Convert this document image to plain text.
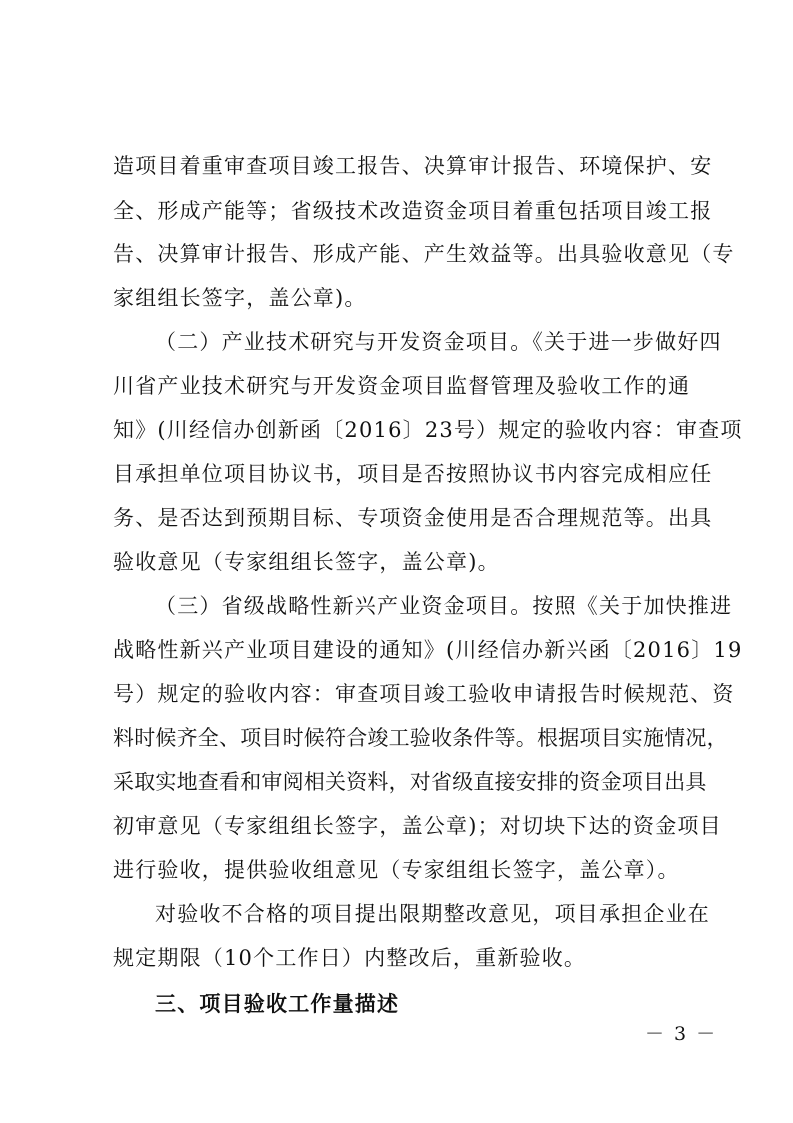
造项目着重审查项目竣工报告、决算审计报告、环境保护、安
全、形成产能等；省级技术改造资金项目着重包括项目竣工报
告、决算审计报告、形成产能、产生效益等。出具验收意见（专
家组组长签字，盖公章)。
（二）产业技术研究与开发资金项目。《关于进一步做好四
川省产业技术研究与开发资金项目监督管理及验收工作的通
知》(川经信办创新函〔2016〕23号）规定的验收内容：审查项
目承担单位项目协议书，项目是否按照协议书内容完成相应任
务、是否达到预期目标、专项资金使用是否合理规范等。出具
验收意见（专家组组长签字，盖公章)。
（三）省级战略性新兴产业资金项目。按照《关于加快推进
战略性新兴产业项目建设的通知》(川经信办新兴函〔2016〕19
号）规定的验收内容：审查项目竣工验收申请报告时候规范、资
料时候齐全、项目时候符合竣工验收条件等。根据项目实施情况，
采取实地查看和审阅相关资料，对省级直接安排的资金项目出具
初审意见（专家组组长签字，盖公章)；对切块下达的资金项目
进行验收，提供验收组意见（专家组组长签字，盖公章）。
对验收不合格的项目提出限期整改意见，项目承担企业在
规定期限（10个工作日）内整改后，重新验收。
三、项目验收工作量描述
－ 3 －
